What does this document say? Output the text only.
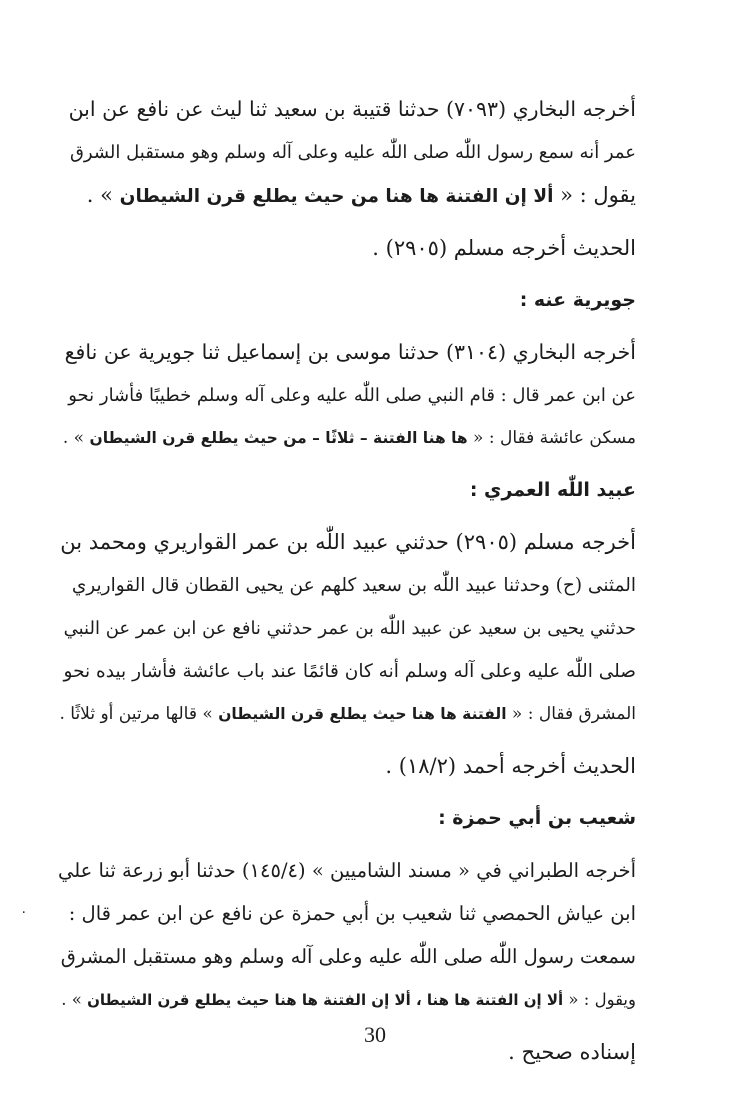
أخرجه البخاري (٧٠٩٣) حدثنا قتيبة بن سعيد ثنا ليث عن نافع عن ابن
عمر أنه سمع رسول اللّٰه صلى اللّٰه عليه وعلى آله وسلم وهو مستقبل الشرق
يقول : « ألا إن الفتنة ها هنا من حيث يطلع قرن الشيطان » .
الحديث أخرجه مسلم (٢٩٠٥) .
جويرية عنه :
أخرجه البخاري (٣١٠٤) حدثنا موسى بن إسماعيل ثنا جويرية عن نافع
عن ابن عمر قال : قام النبي صلى اللّٰه عليه وعلى آله وسلم خطيبًا فأشار نحو
مسكن عائشة فقال : « ها هنا الفتنة – ثلاثًا – من حيث يطلع قرن الشيطان » .
عبيد اللّٰه العمري :
أخرجه مسلم (٢٩٠٥) حدثني عبيد اللّٰه بن عمر القواريري ومحمد بن
المثنى (ح) وحدثنا عبيد اللّٰه بن سعيد كلهم عن يحيى القطان قال القواريري
حدثني يحيى بن سعيد عن عبيد اللّٰه بن عمر حدثني نافع عن ابن عمر عن النبي
صلى اللّٰه عليه وعلى آله وسلم أنه كان قائمًا عند باب عائشة فأشار بيده نحو
المشرق فقال : « الفتنة ها هنا حيث يطلع قرن الشيطان » قالها مرتين أو ثلاثًا .
الحديث أخرجه أحمد (١٨/٢) .
شعيب بن أبي حمزة :
أخرجه الطبراني في « مسند الشاميين » (١٤٥/٤) حدثنا أبو زرعة ثنا علي
ابن عياش الحمصي ثنا شعيب بن أبي حمزة عن نافع عن ابن عمر قال :
سمعت رسول اللّٰه صلى اللّٰه عليه وعلى آله وسلم وهو مستقبل المشرق
ويقول : « ألا إن الفتنة ها هنا ، ألا إن الفتنة ها هنا حيث يطلع قرن الشيطان » .
إسناده صحيح .
٠
30
